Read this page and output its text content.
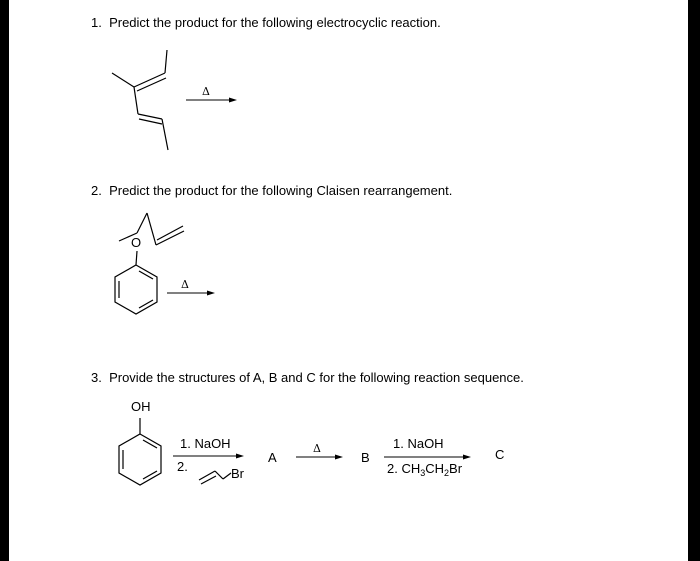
1. Predict the product for the following electrocyclic reaction.
Δ
2. Predict the product for the following Claisen rearrangement.
O
Δ
3. Provide the structures of A, B and C for the following reaction sequence.
OH
1. NaOH
2.	Br
A
Δ
B
1. NaOH
2. $CH_3CH_2Br$
C
